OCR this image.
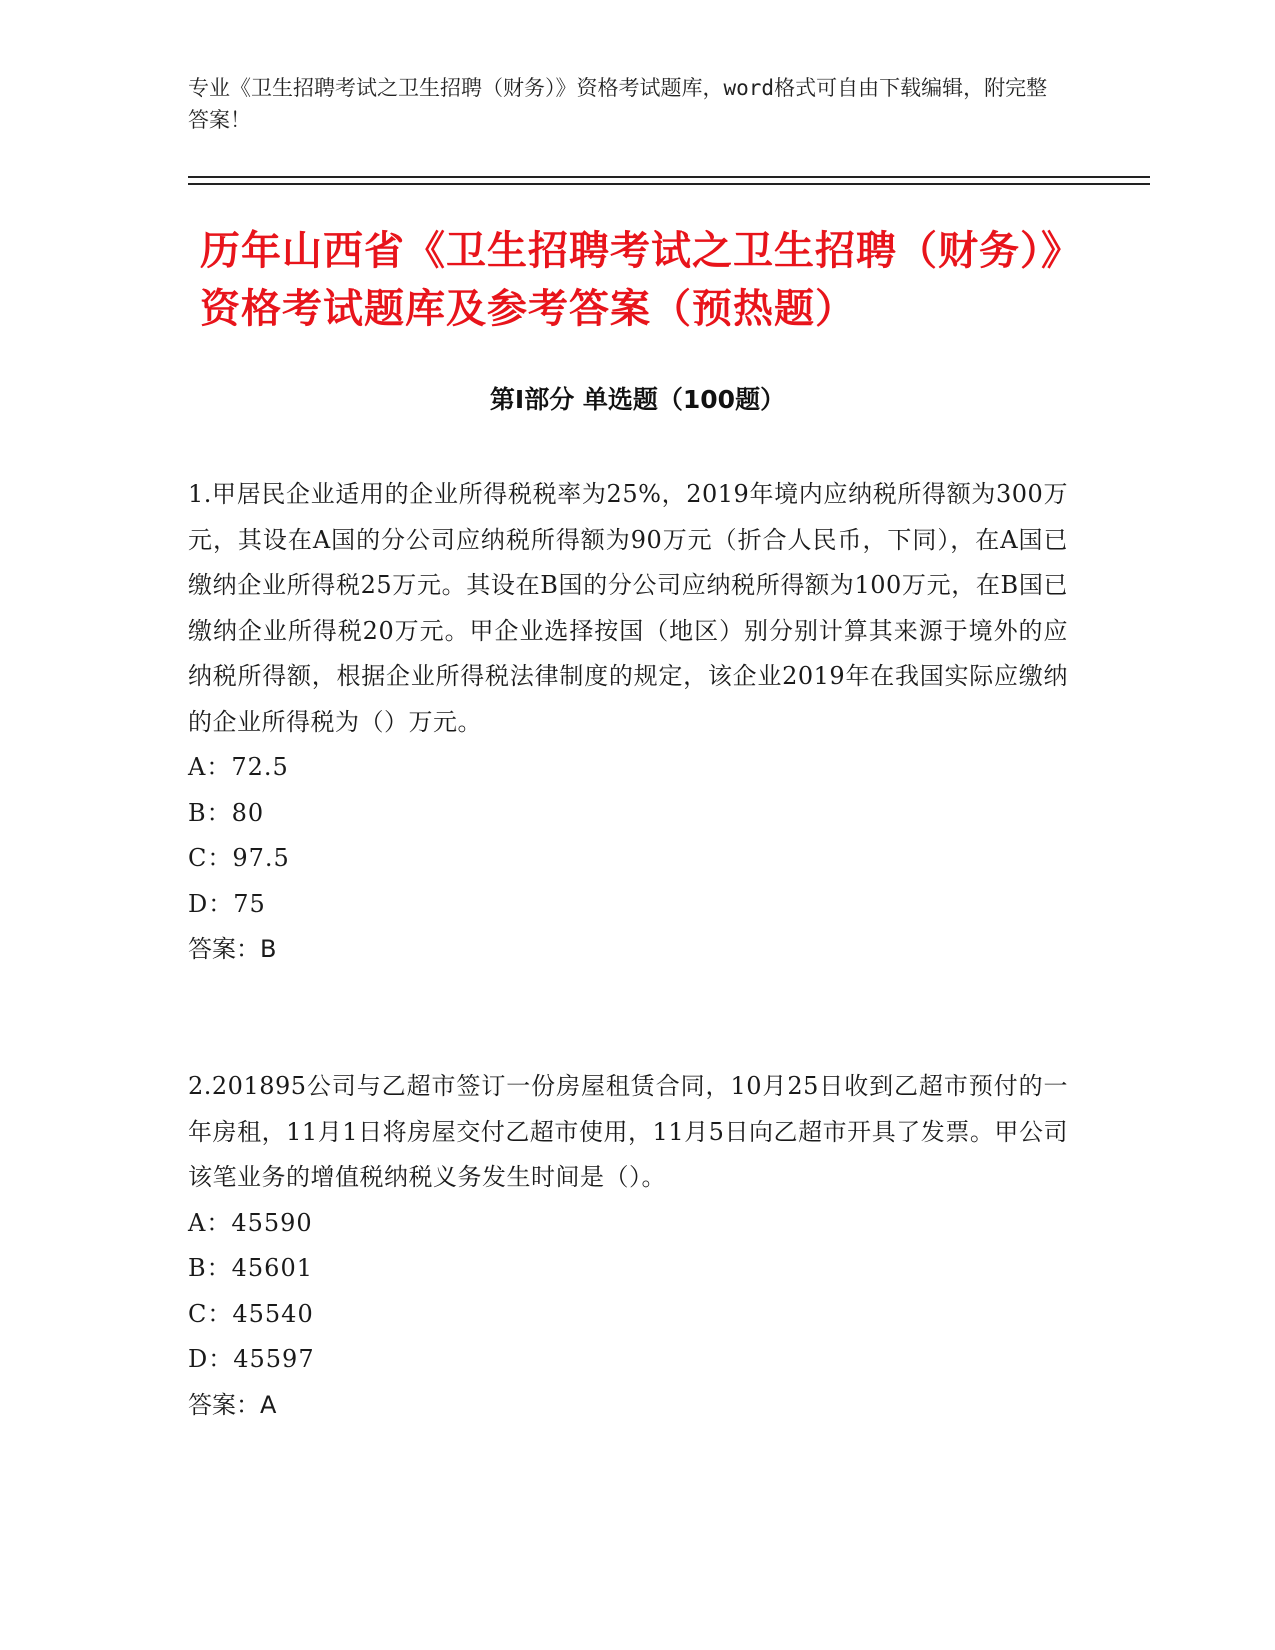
专业《卫生招聘考试之卫生招聘（财务）》资格考试题库，word格式可自由下载编辑，附完整答案！
历年山西省《卫生招聘考试之卫生招聘（财务）》资格考试题库及参考答案（预热题）
第Ⅰ部分 单选题（100题）
1.甲居民企业适用的企业所得税税率为25%，2019年境内应纳税所得额为300万元，其设在A国的分公司应纳税所得额为90万元（折合人民币，下同），在A国已缴纳企业所得税25万元。其设在B国的分公司应纳税所得额为100万元，在B国已缴纳企业所得税20万元。甲企业选择按国（地区）别分别计算其来源于境外的应纳税所得额，根据企业所得税法律制度的规定，该企业2019年在我国实际应缴纳的企业所得税为（）万元。
A：72.5
B：80
C：97.5
D：75
答案：B
2.201895公司与乙超市签订一份房屋租赁合同，10月25日收到乙超市预付的一年房租，11月1日将房屋交付乙超市使用，11月5日向乙超市开具了发票。甲公司该笔业务的增值税纳税义务发生时间是（）。
A：45590
B：45601
C：45540
D：45597
答案：A
